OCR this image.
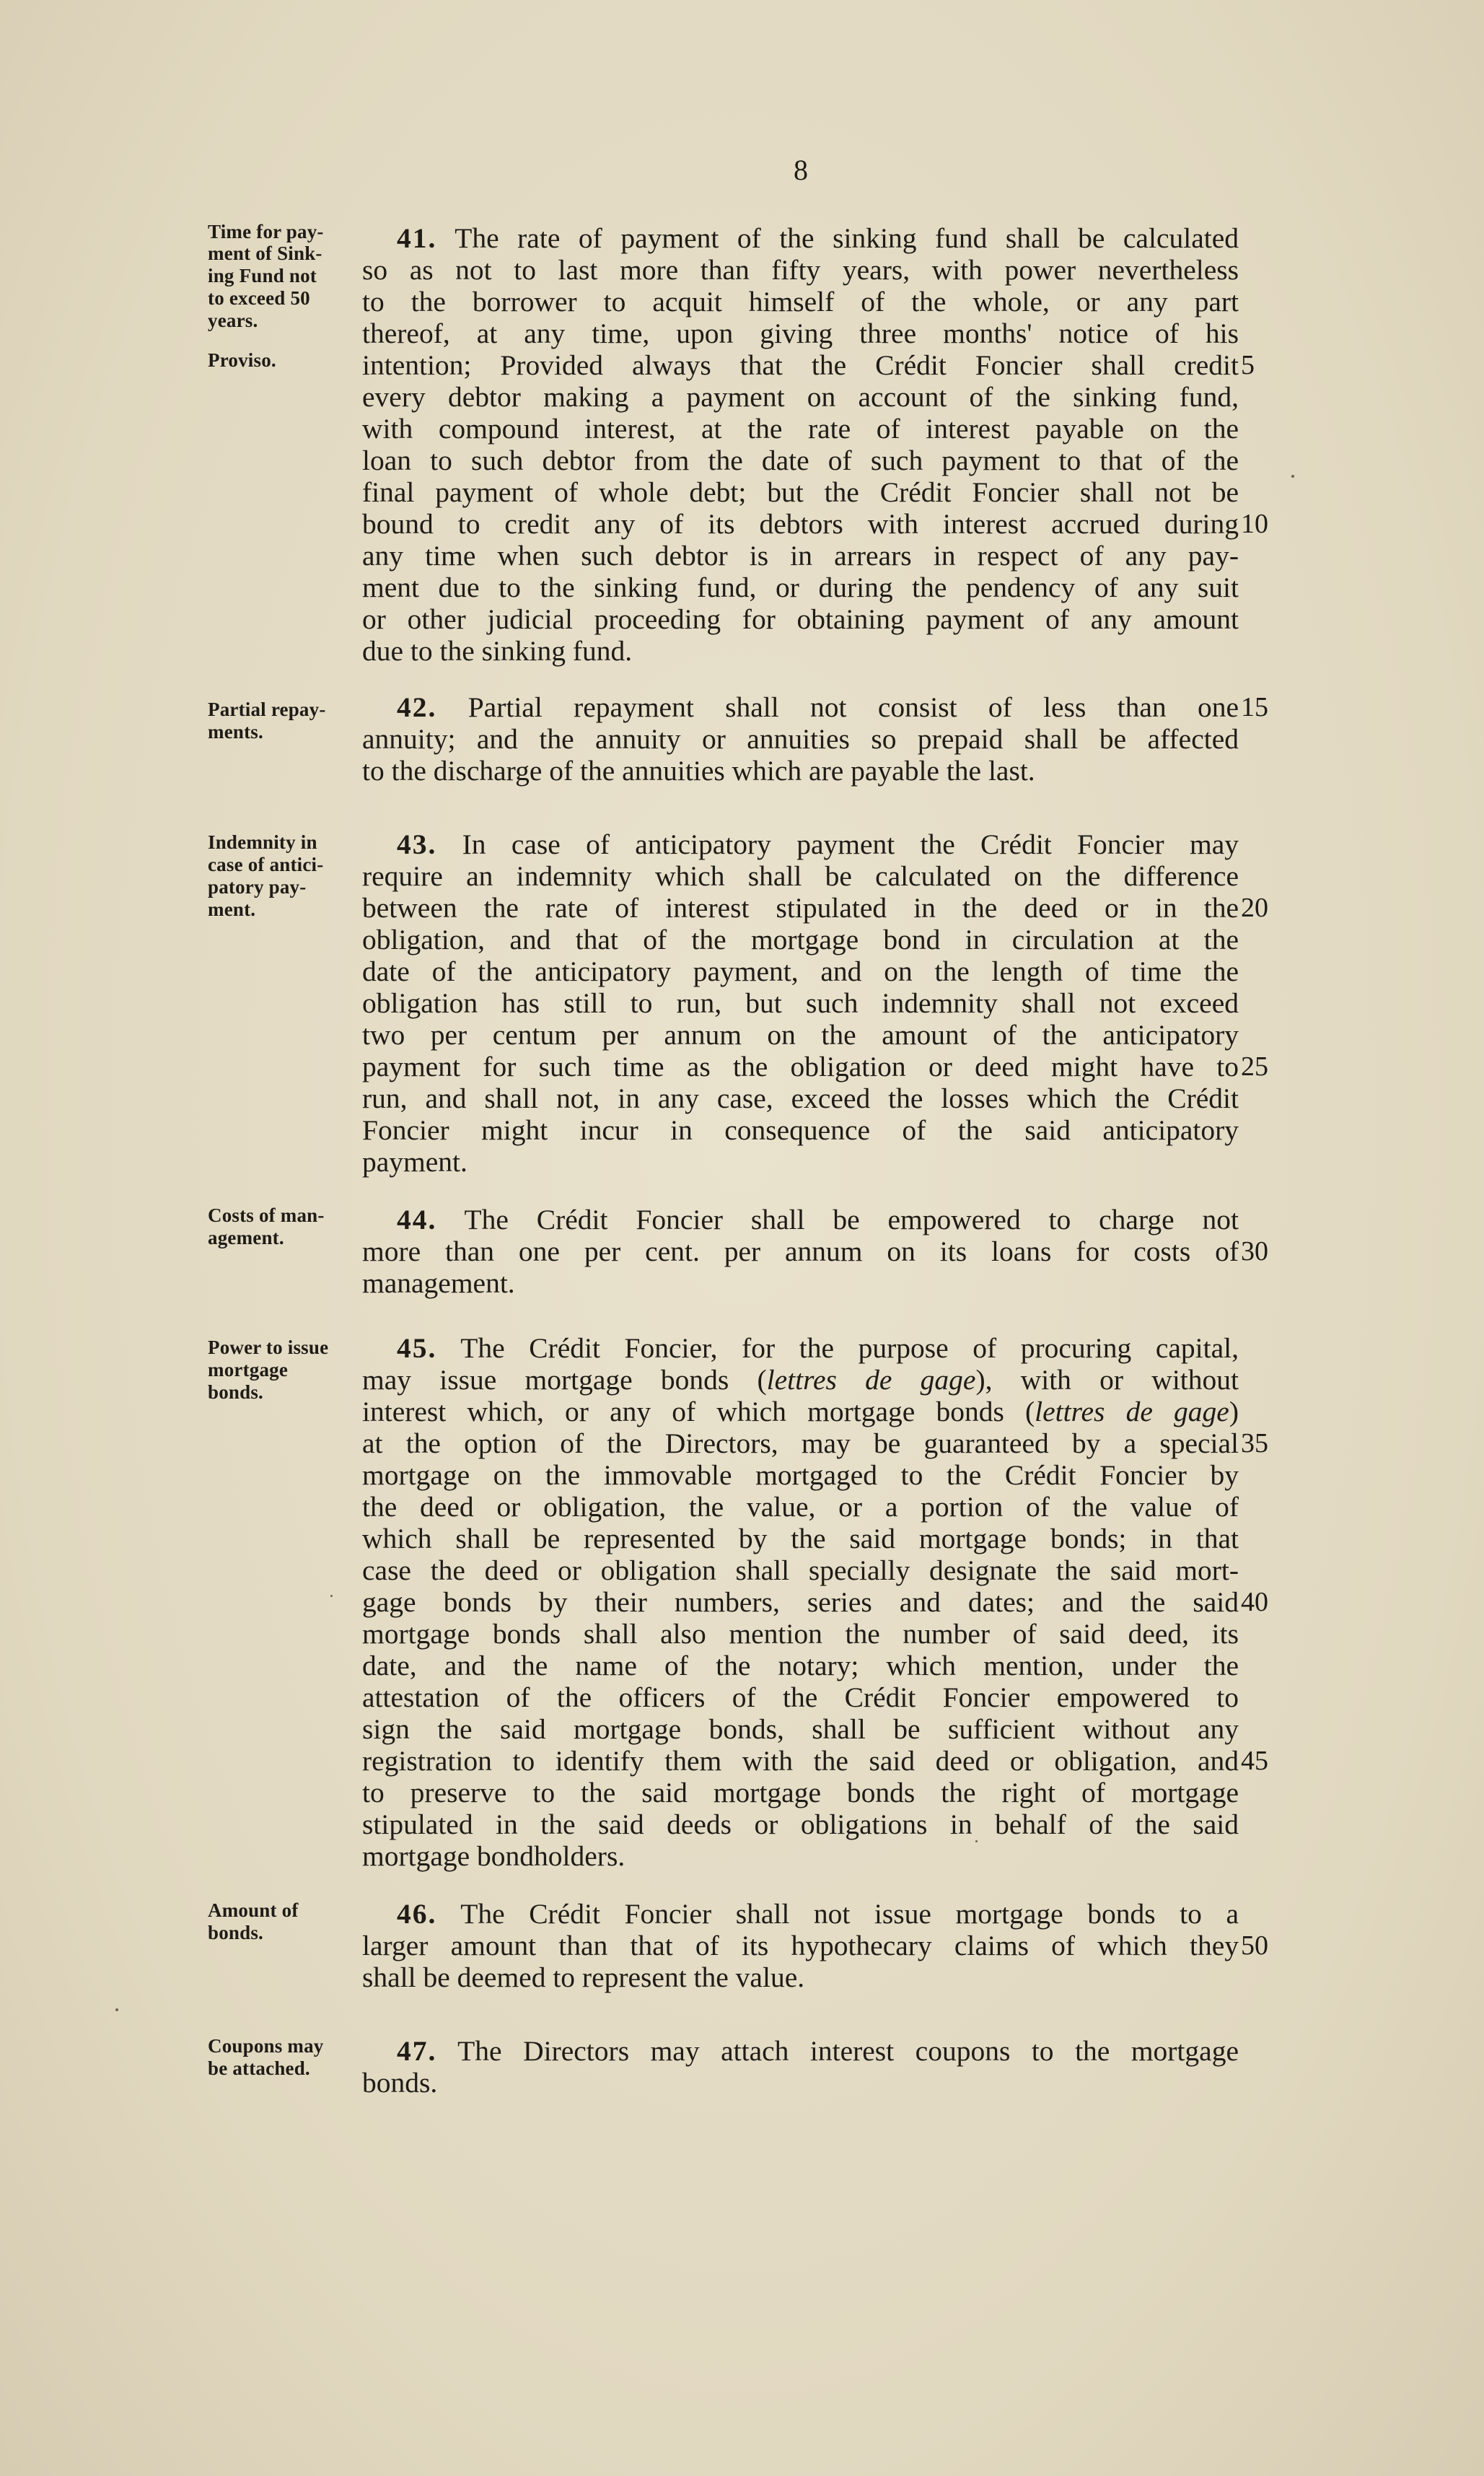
8
Time for pay-
ment of Sink-
ing Fund not
to exceed 50
years.
Proviso.
41. The rate of payment of the sinking fund shall be calculated
so as not to last more than fifty years, with power nevertheless
to the borrower to acquit himself of the whole, or any part
thereof, at any time, upon giving three months' notice of his
intention; Provided always that the Crédit Foncier shall credit 5
every debtor making a payment on account of the sinking fund,
with compound interest, at the rate of interest payable on the
loan to such debtor from the date of such payment to that of the
final payment of whole debt; but the Crédit Foncier shall not be
bound to credit any of its debtors with interest accrued during 10
any time when such debtor is in arrears in respect of any pay-
ment due to the sinking fund, or during the pendency of any suit
or other judicial proceeding for obtaining payment of any amount
due to the sinking fund.
Partial repay-
ments.
42. Partial repayment shall not consist of less than one 15
annuity; and the annuity or annuities so prepaid shall be affected
to the discharge of the annuities which are payable the last.
Indemnity in
case of antici-
patory pay-
ment.
43. In case of anticipatory payment the Crédit Foncier may
require an indemnity which shall be calculated on the difference
between the rate of interest stipulated in the deed or in the 20
obligation, and that of the mortgage bond in circulation at the
date of the anticipatory payment, and on the length of time the
obligation has still to run, but such indemnity shall not exceed
two per centum per annum on the amount of the anticipatory
payment for such time as the obligation or deed might have to 25
run, and shall not, in any case, exceed the losses which the Crédit
Foncier might incur in consequence of the said anticipatory
payment.
Costs of man-
agement.
44. The Crédit Foncier shall be empowered to charge not
more than one per cent. per annum on its loans for costs of 30
management.
Power to issue
mortgage
bonds.
45. The Crédit Foncier, for the purpose of procuring capital,
may issue mortgage bonds (lettres de gage), with or without
interest which, or any of which mortgage bonds (lettres de gage)
at the option of the Directors, may be guaranteed by a special 35
mortgage on the immovable mortgaged to the Crédit Foncier by
the deed or obligation, the value, or a portion of the value of
which shall be represented by the said mortgage bonds; in that
case the deed or obligation shall specially designate the said mort-
gage bonds by their numbers, series and dates; and the said 40
mortgage bonds shall also mention the number of said deed, its
date, and the name of the notary; which mention, under the
attestation of the officers of the Crédit Foncier empowered to
sign the said mortgage bonds, shall be sufficient without any
registration to identify them with the said deed or obligation, and 45
to preserve to the said mortgage bonds the right of mortgage
stipulated in the said deeds or obligations in behalf of the said
mortgage bondholders.
Amount of
bonds.
46. The Crédit Foncier shall not issue mortgage bonds to a
larger amount than that of its hypothecary claims of which they 50
shall be deemed to represent the value.
Coupons may
be attached.
47. The Directors may attach interest coupons to the mortgage
bonds.
